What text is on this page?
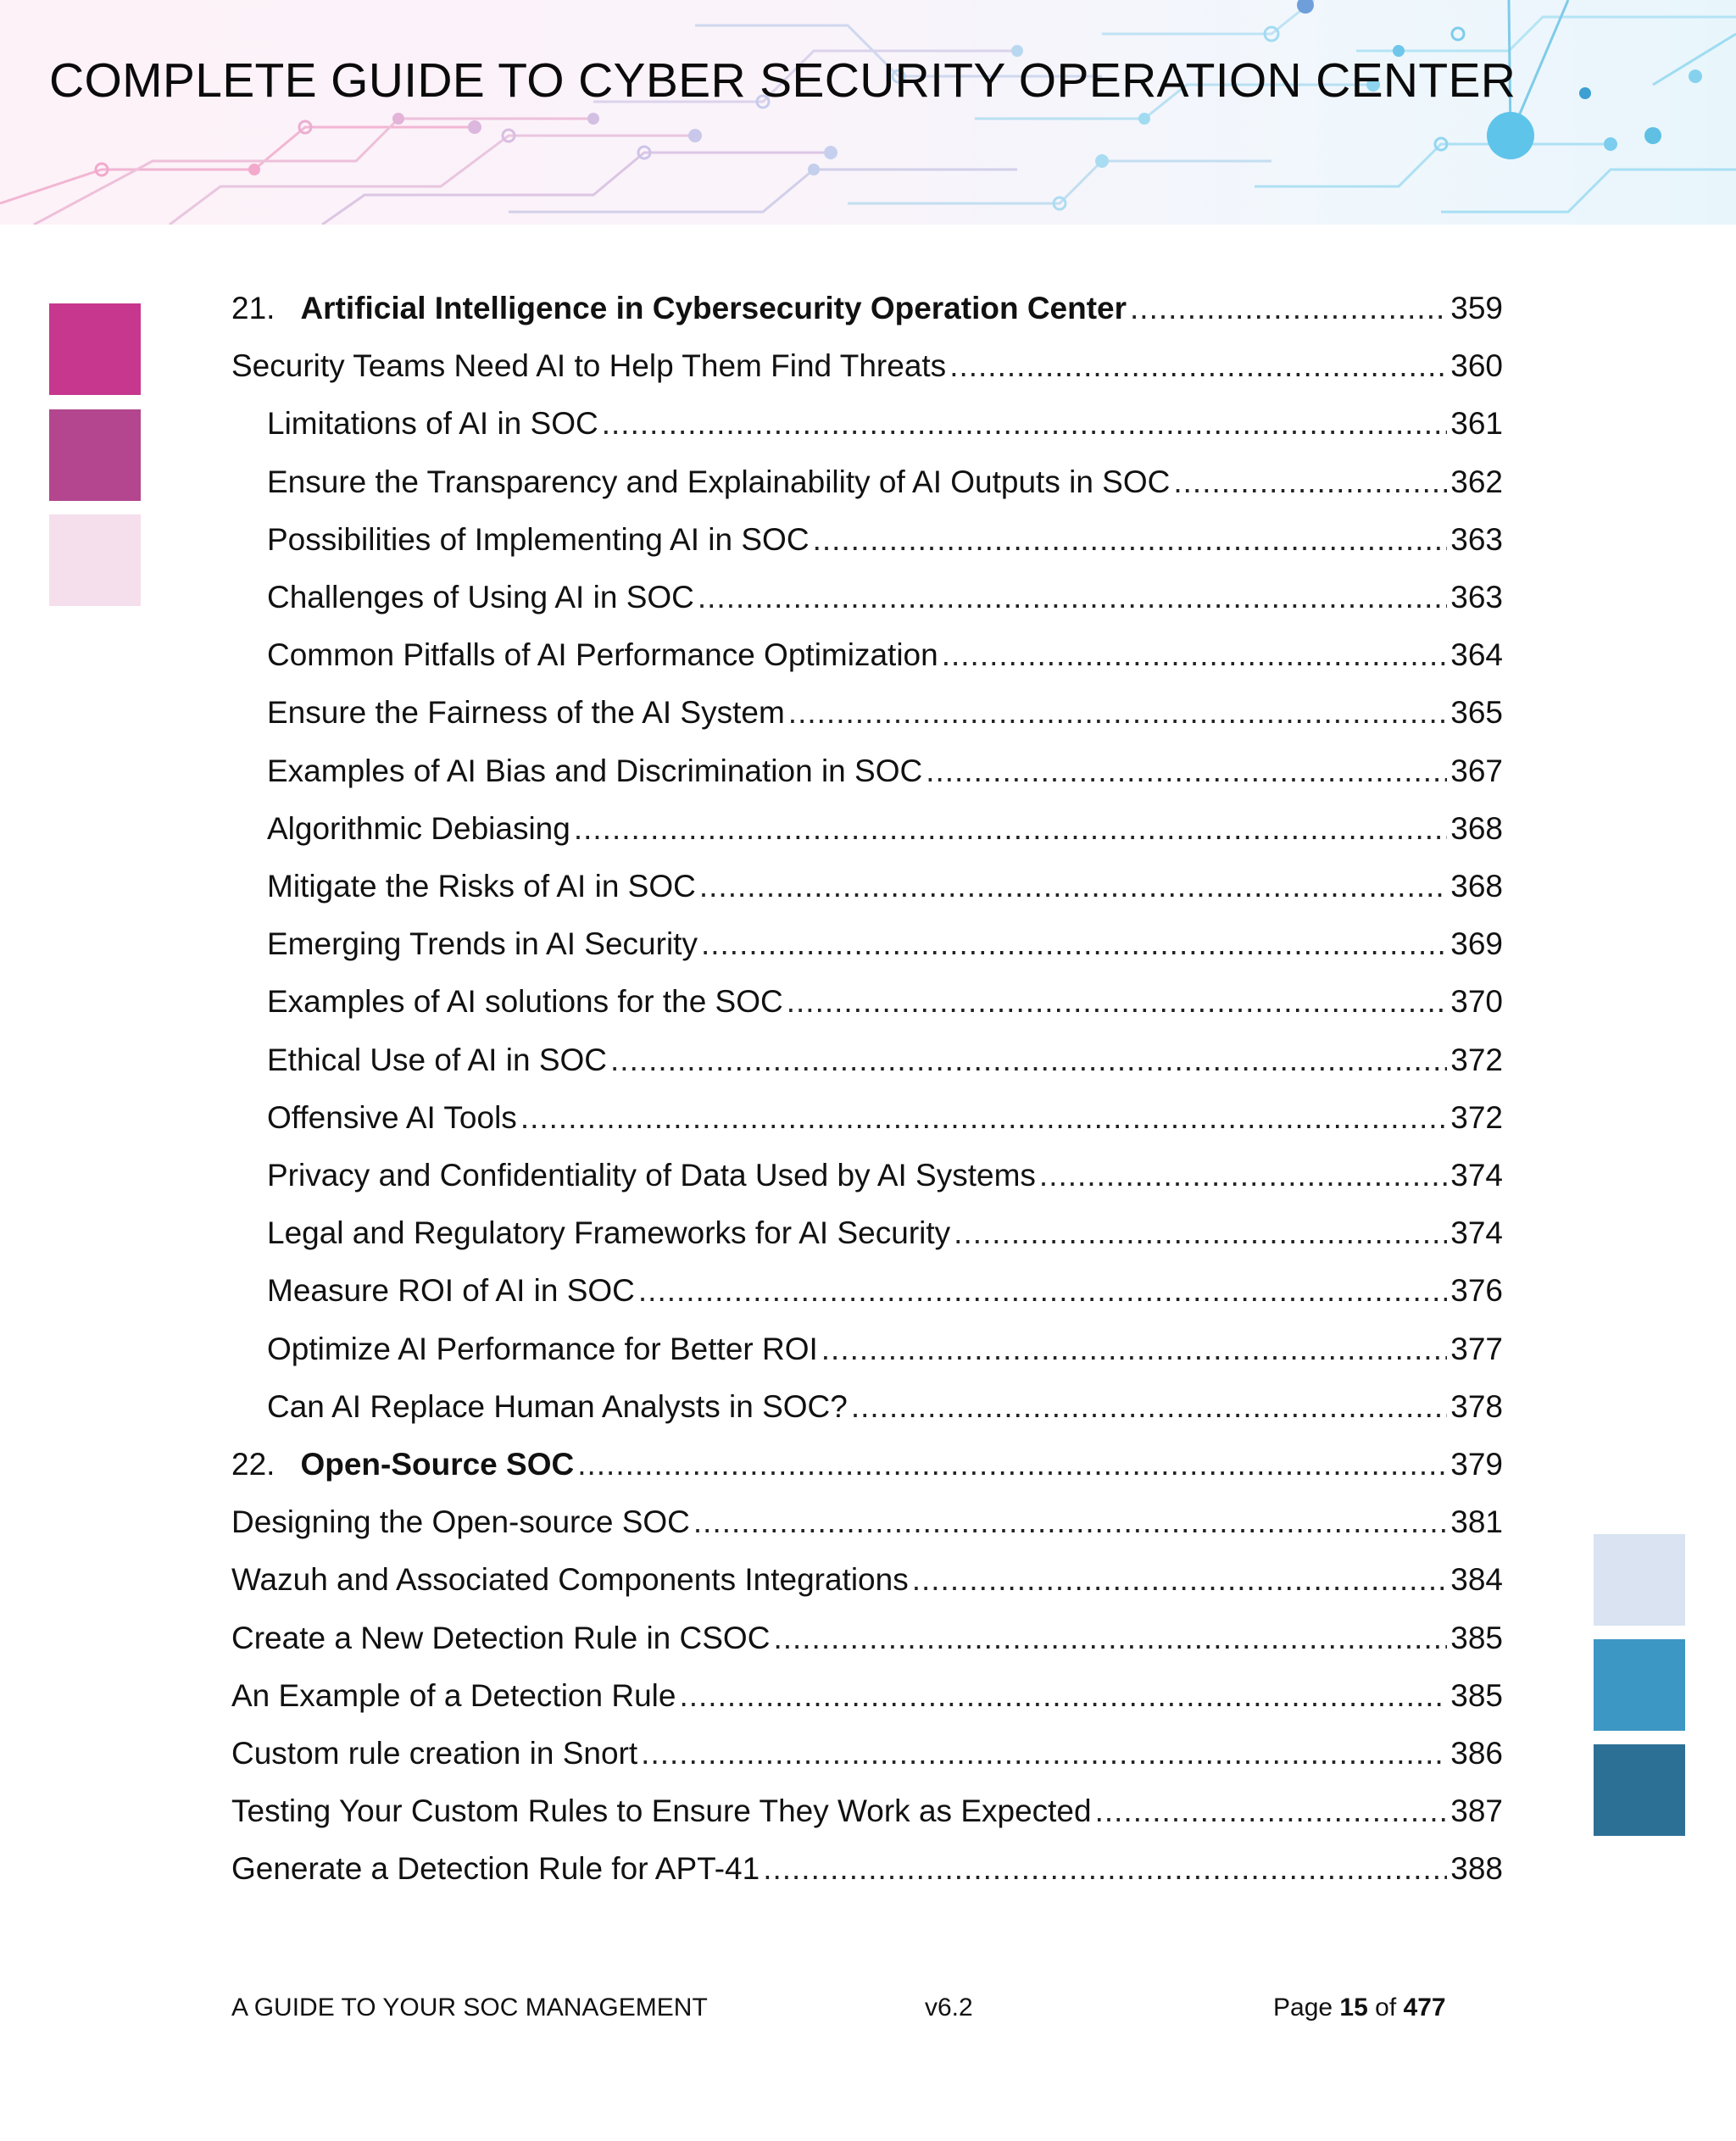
COMPLETE GUIDE TO CYBER SECURITY OPERATION CENTER
21. Artificial Intelligence in Cybersecurity Operation Center .....	359
Security Teams Need AI to Help Them Find Threats .....	360
Limitations of AI in SOC .....	361
Ensure the Transparency and Explainability of AI Outputs in SOC .....	362
Possibilities of Implementing AI in SOC .....	363
Challenges of Using AI in SOC .....	363
Common Pitfalls of AI Performance Optimization .....	364
Ensure the Fairness of the AI System .....	365
Examples of AI Bias and Discrimination in SOC .....	367
Algorithmic Debiasing .....	368
Mitigate the Risks of AI in SOC .....	368
Emerging Trends in AI Security .....	369
Examples of AI solutions for the SOC .....	370
Ethical Use of AI in SOC .....	372
Offensive AI Tools .....	372
Privacy and Confidentiality of Data Used by AI Systems .....	374
Legal and Regulatory Frameworks for AI Security .....	374
Measure ROI of AI in SOC .....	376
Optimize AI Performance for Better ROI .....	377
Can AI Replace Human Analysts in SOC? .....	378
22. Open-Source SOC .....	379
Designing the Open-source SOC .....	381
Wazuh and Associated Components Integrations .....	384
Create a New Detection Rule in CSOC .....	385
An Example of a Detection Rule .....	385
Custom rule creation in Snort .....	386
Testing Your Custom Rules to Ensure They Work as Expected .....	387
Generate a Detection Rule for APT-41 .....	388
A GUIDE TO YOUR SOC MANAGEMENT	v6.2	Page 15 of 477
